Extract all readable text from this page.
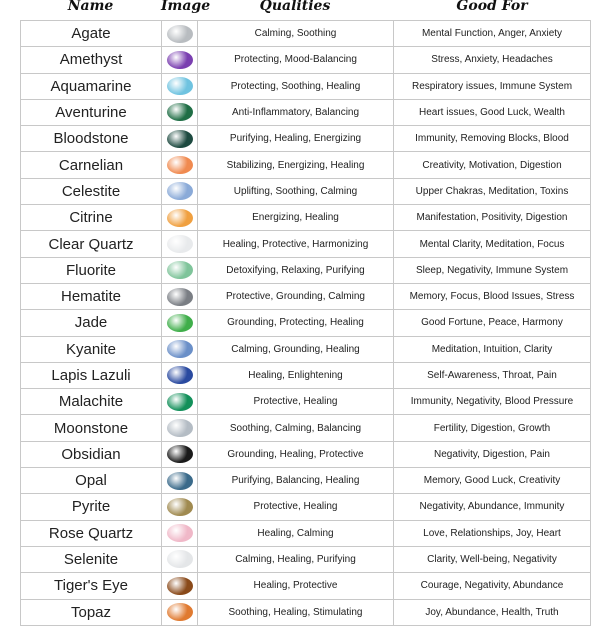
Name	Image	Qualities	Good For
Agate		Calming, Soothing	Mental Function, Anger, Anxiety
Amethyst		Protecting, Mood-Balancing	Stress, Anxiety, Headaches
Aquamarine		Protecting, Soothing, Healing	Respiratory issues, Immune System
Aventurine		Anti-Inflammatory, Balancing	Heart issues, Good Luck, Wealth
Bloodstone		Purifying, Healing, Energizing	Immunity, Removing Blocks, Blood
Carnelian		Stabilizing, Energizing, Healing	Creativity, Motivation, Digestion
Celestite		Uplifting, Soothing, Calming	Upper Chakras, Meditation, Toxins
Citrine		Energizing, Healing	Manifestation, Positivity, Digestion
Clear Quartz		Healing, Protective, Harmonizing	Mental Clarity, Meditation, Focus
Fluorite		Detoxifying, Relaxing, Purifying	Sleep, Negativity, Immune System
Hematite		Protective, Grounding, Calming	Memory, Focus, Blood Issues, Stress
Jade		Grounding, Protecting, Healing	Good Fortune, Peace, Harmony
Kyanite		Calming, Grounding, Healing	Meditation, Intuition, Clarity
Lapis Lazuli		Healing, Enlightening	Self-Awareness, Throat, Pain
Malachite		Protective, Healing	Immunity, Negativity, Blood Pressure
Moonstone		Soothing, Calming, Balancing	Fertility, Digestion, Growth
Obsidian		Grounding, Healing, Protective	Negativity, Digestion, Pain
Opal		Purifying, Balancing, Healing	Memory, Good Luck, Creativity
Pyrite		Protective, Healing	Negativity, Abundance, Immunity
Rose Quartz		Healing, Calming	Love, Relationships, Joy, Heart
Selenite		Calming, Healing, Purifying	Clarity, Well-being, Negativity
Tiger's Eye		Healing, Protective	Courage, Negativity, Abundance
Topaz		Soothing, Healing, Stimulating	Joy, Abundance, Health, Truth
